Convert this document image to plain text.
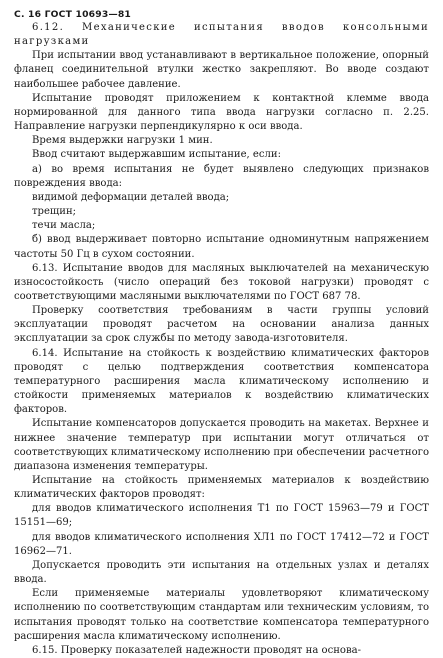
С. 16 ГОСТ 10693—81

6.12. Механические испытания вводов консольными нагрузками

При испытании ввод устанавливают в вертикальное положение, опорный фланец соединительной втулки жестко закрепляют. Во вводе создают наибольшее рабочее давление.

Испытание проводят приложением к контактной клемме ввода нормированной для данного типа ввода нагрузки согласно п. 2.25. Направление нагрузки перпендикулярно к оси ввода.

Время выдержки нагрузки 1 мин.

Ввод считают выдержавшим испытание, если:

а) во время испытания не будет выявлено следующих признаков повреждения ввода:

видимой деформации деталей ввода;

трещин;

течи масла;

б) ввод выдерживает повторно испытание одноминутным напряжением частоты 50 Гц в сухом состоянии.

6.13. Испытание вводов для масляных выключателей на механическую износостойкость (число операций без токовой нагрузки) проводят с соответствующими масляными выключателями по ГОСТ 687 78.

Проверку соответствия требованиям в части группы условий эксплуатации проводят расчетом на основании анализа данных эксплуатации за срок службы по методу завода-изготовителя.

6.14. Испытание на стойкость к воздействию климатических факторов проводят с целью подтверждения соответствия компенсатора температурного расширения масла климатическому исполнению и стойкости применяемых материалов к воздействию климатических факторов.

Испытание компенсаторов допускается проводить на макетах. Верхнее и нижнее значение температур при испытании могут отличаться от соответствующих климатическому исполнению при обеспечении расчетного диапазона изменения температуры.

Испытание на стойкость применяемых материалов к воздействию климатических факторов проводят:

для вводов климатического исполнения Т1 по ГОСТ 15963—79 и ГОСТ 15151—69;

для вводов климатического исполнения ХЛ1 по ГОСТ 17412—72 и ГОСТ 16962—71.

Допускается проводить эти испытания на отдельных узлах и деталях ввода.

Если применяемые материалы удовлетворяют климатическому исполнению по соответствующим стандартам или техническим условиям, то испытания проводят только на соответствие компенсатора температурного расширения масла климатическому исполнению.

6.15. Проверку показателей надежности проводят на основа-
